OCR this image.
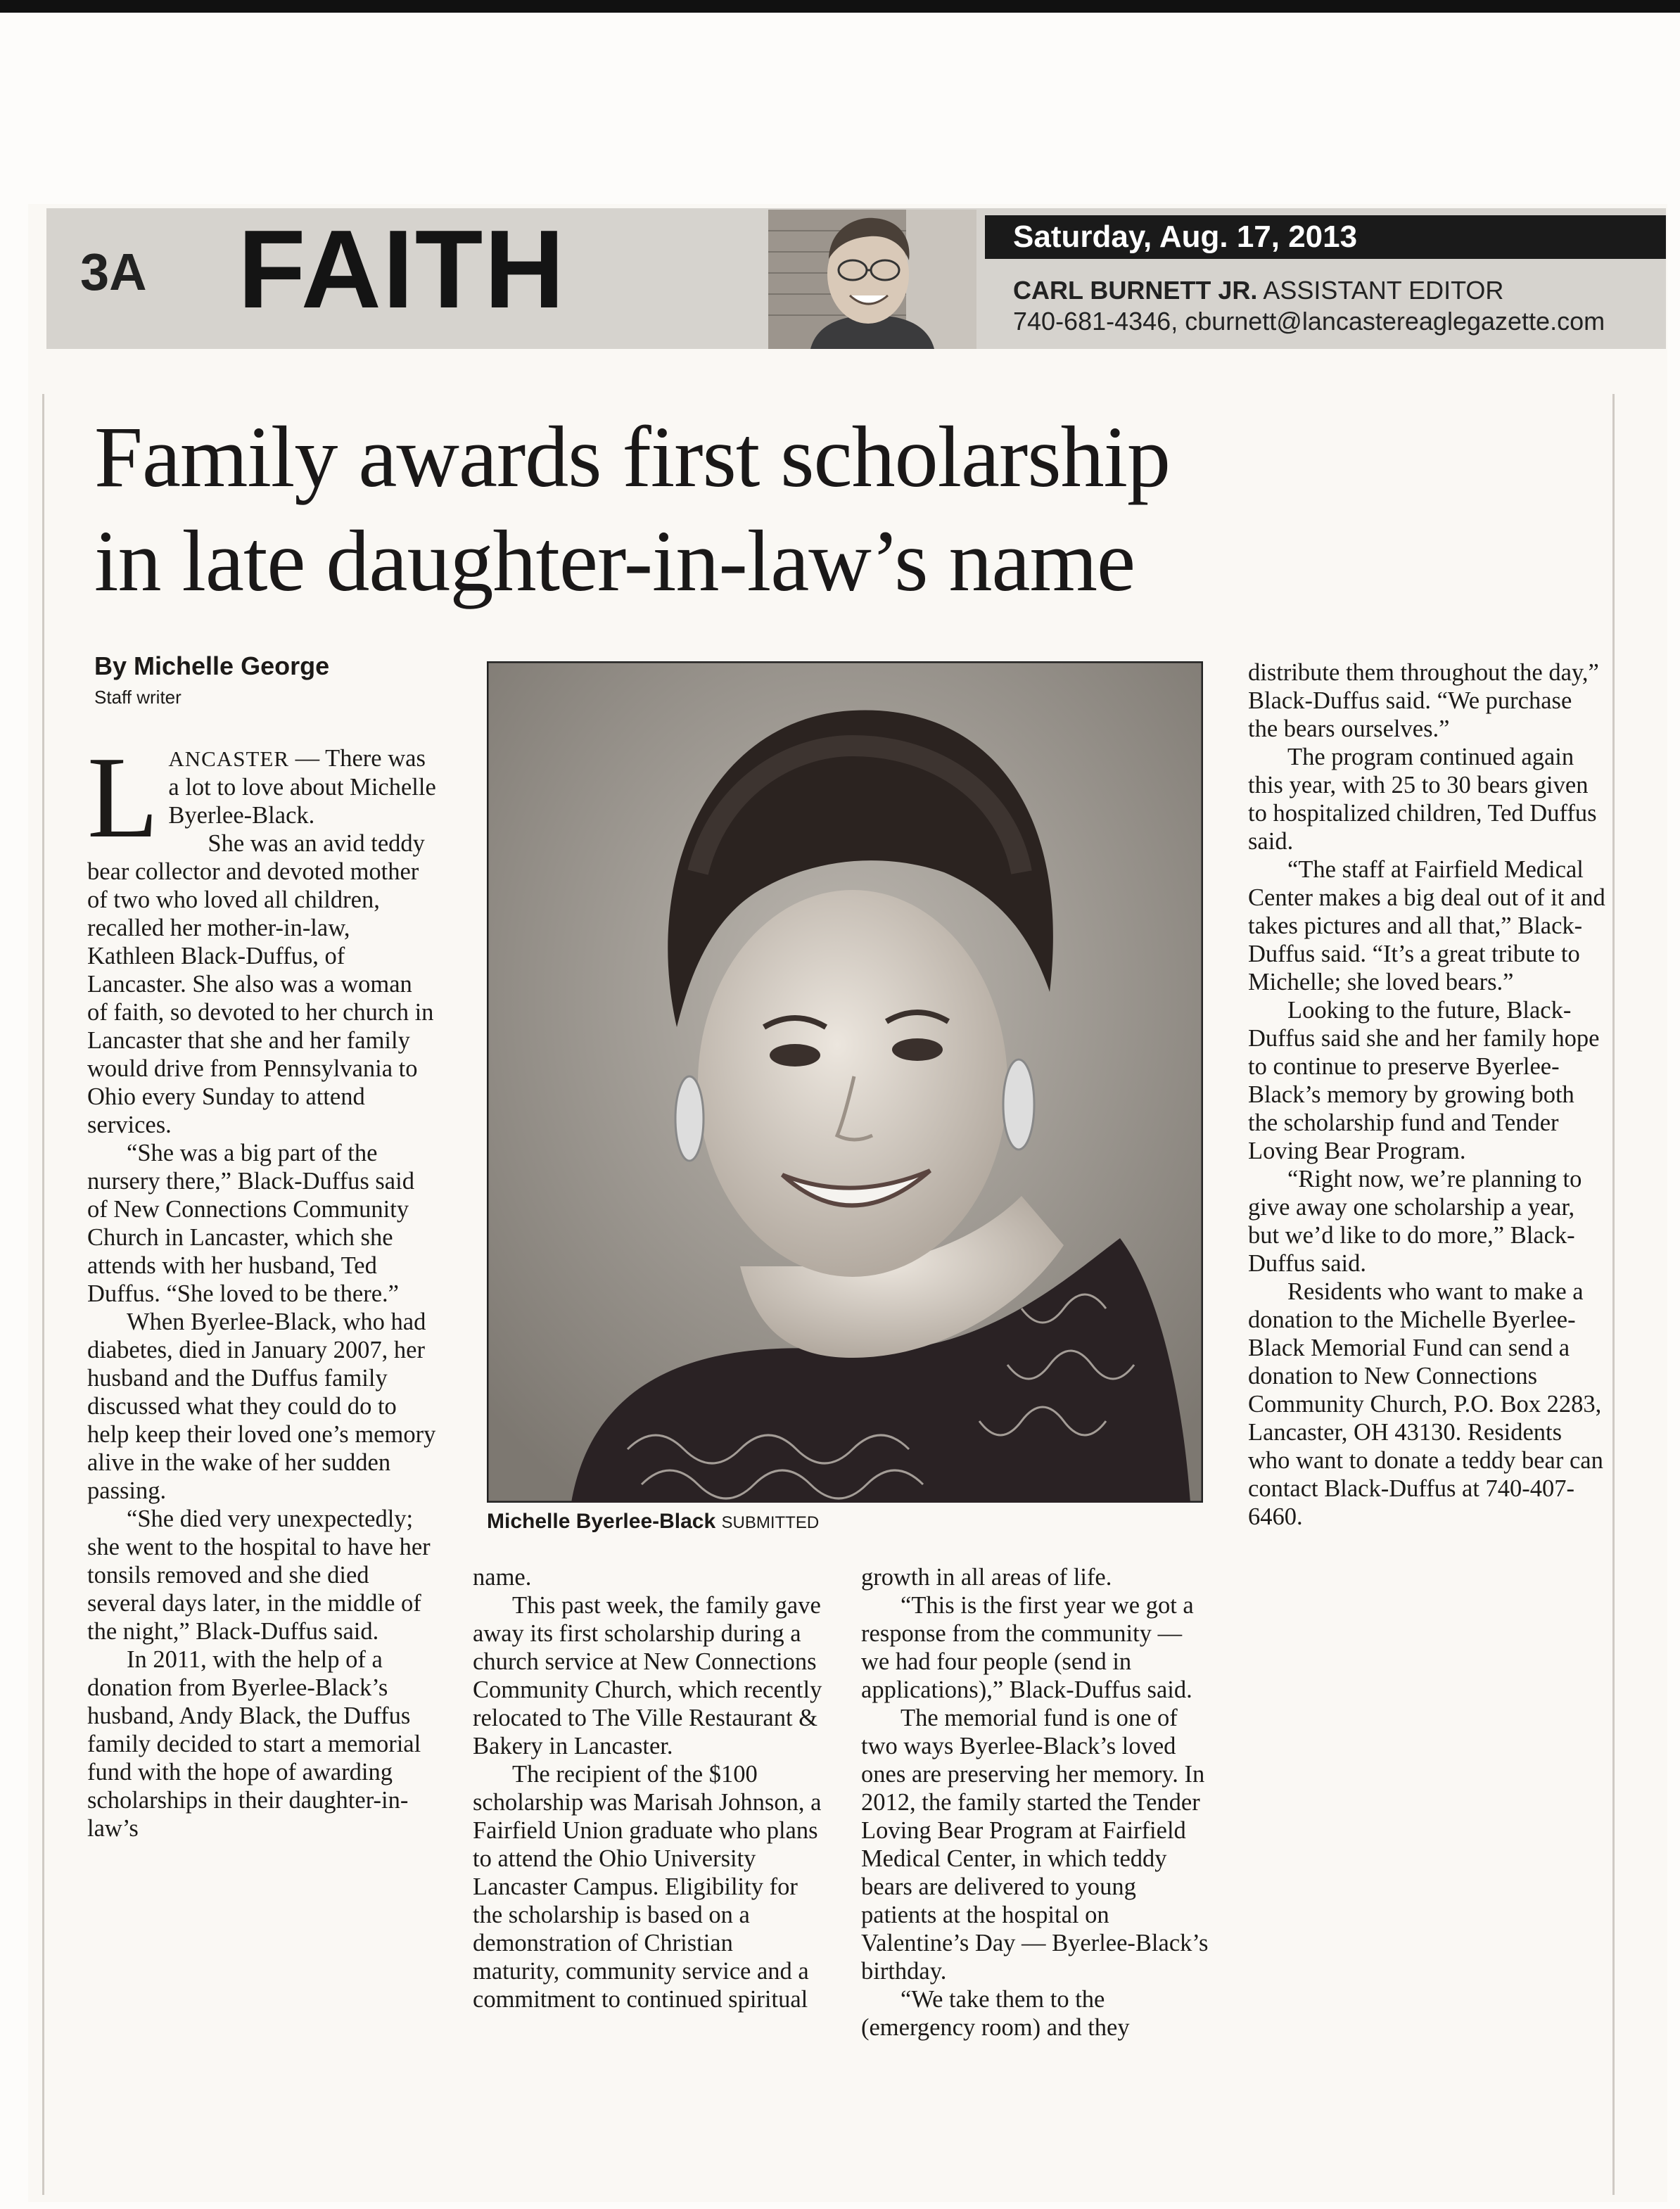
3A FAITH	Saturday, Aug. 17, 2013
CARL BURNETT JR. ASSISTANT EDITOR
740-681-4346, cburnett@lancastereaglegazette.com
Family awards first scholarship
in late daughter-in-law’s name
By Michelle George
Staff writer

LANCASTER — There was a lot to love about Michelle Byerlee-Black.

She was an avid teddy bear collector and devoted mother of two who loved all children, recalled her mother-in-law, Kathleen Black-Duffus, of Lancaster. She also was a woman of faith, so devoted to her church in Lancaster that she and her family would drive from Pennsylvania to Ohio every Sunday to attend services.

“She was a big part of the nursery there,” Black-Duffus said of New Connections Community Church in Lancaster, which she attends with her husband, Ted Duffus. “She loved to be there.”

When Byerlee-Black, who had diabetes, died in January 2007, her husband and the Duffus family discussed what they could do to help keep their loved one’s memory alive in the wake of her sudden passing.

“She died very unexpectedly; she went to the hospital to have her tonsils removed and she died several days later, in the middle of the night,” Black-Duffus said.

In 2011, with the help of a donation from Byerlee-Black’s husband, Andy Black, the Duffus family decided to start a memorial fund with the hope of awarding scholarships in their daughter-in-law’s

Michelle Byerlee-Black SUBMITTED

name.

This past week, the family gave away its first scholarship during a church service at New Connections Community Church, which recently relocated to The Ville Restaurant & Bakery in Lancaster.

The recipient of the $100 scholarship was Marisah Johnson, a Fairfield Union graduate who plans to attend the Ohio University Lancaster Campus. Eligibility for the scholarship is based on a demonstration of Christian maturity, community service and a commitment to continued spiritual

growth in all areas of life.

“This is the first year we got a response from the community — we had four people (send in applications),” Black-Duffus said.

The memorial fund is one of two ways Byerlee-Black’s loved ones are preserving her memory. In 2012, the family started the Tender Loving Bear Program at Fairfield Medical Center, in which teddy bears are delivered to young patients at the hospital on Valentine’s Day — Byerlee-Black’s birthday.

“We take them to the (emergency room) and they

distribute them throughout the day,” Black-Duffus said. “We purchase the bears ourselves.”

The program continued again this year, with 25 to 30 bears given to hospitalized children, Ted Duffus said.

“The staff at Fairfield Medical Center makes a big deal out of it and takes pictures and all that,” Black-Duffus said. “It’s a great tribute to Michelle; she loved bears.”

Looking to the future, Black-Duffus said she and her family hope to continue to preserve Byerlee-Black’s memory by growing both the scholarship fund and Tender Loving Bear Program.

“Right now, we’re planning to give away one scholarship a year, but we’d like to do more,” Black-Duffus said.

Residents who want to make a donation to the Michelle Byerlee-Black Memorial Fund can send a donation to New Connections Community Church, P.O. Box 2283, Lancaster, OH 43130. Residents who want to donate a teddy bear can contact Black-Duffus at 740-407-6460.
